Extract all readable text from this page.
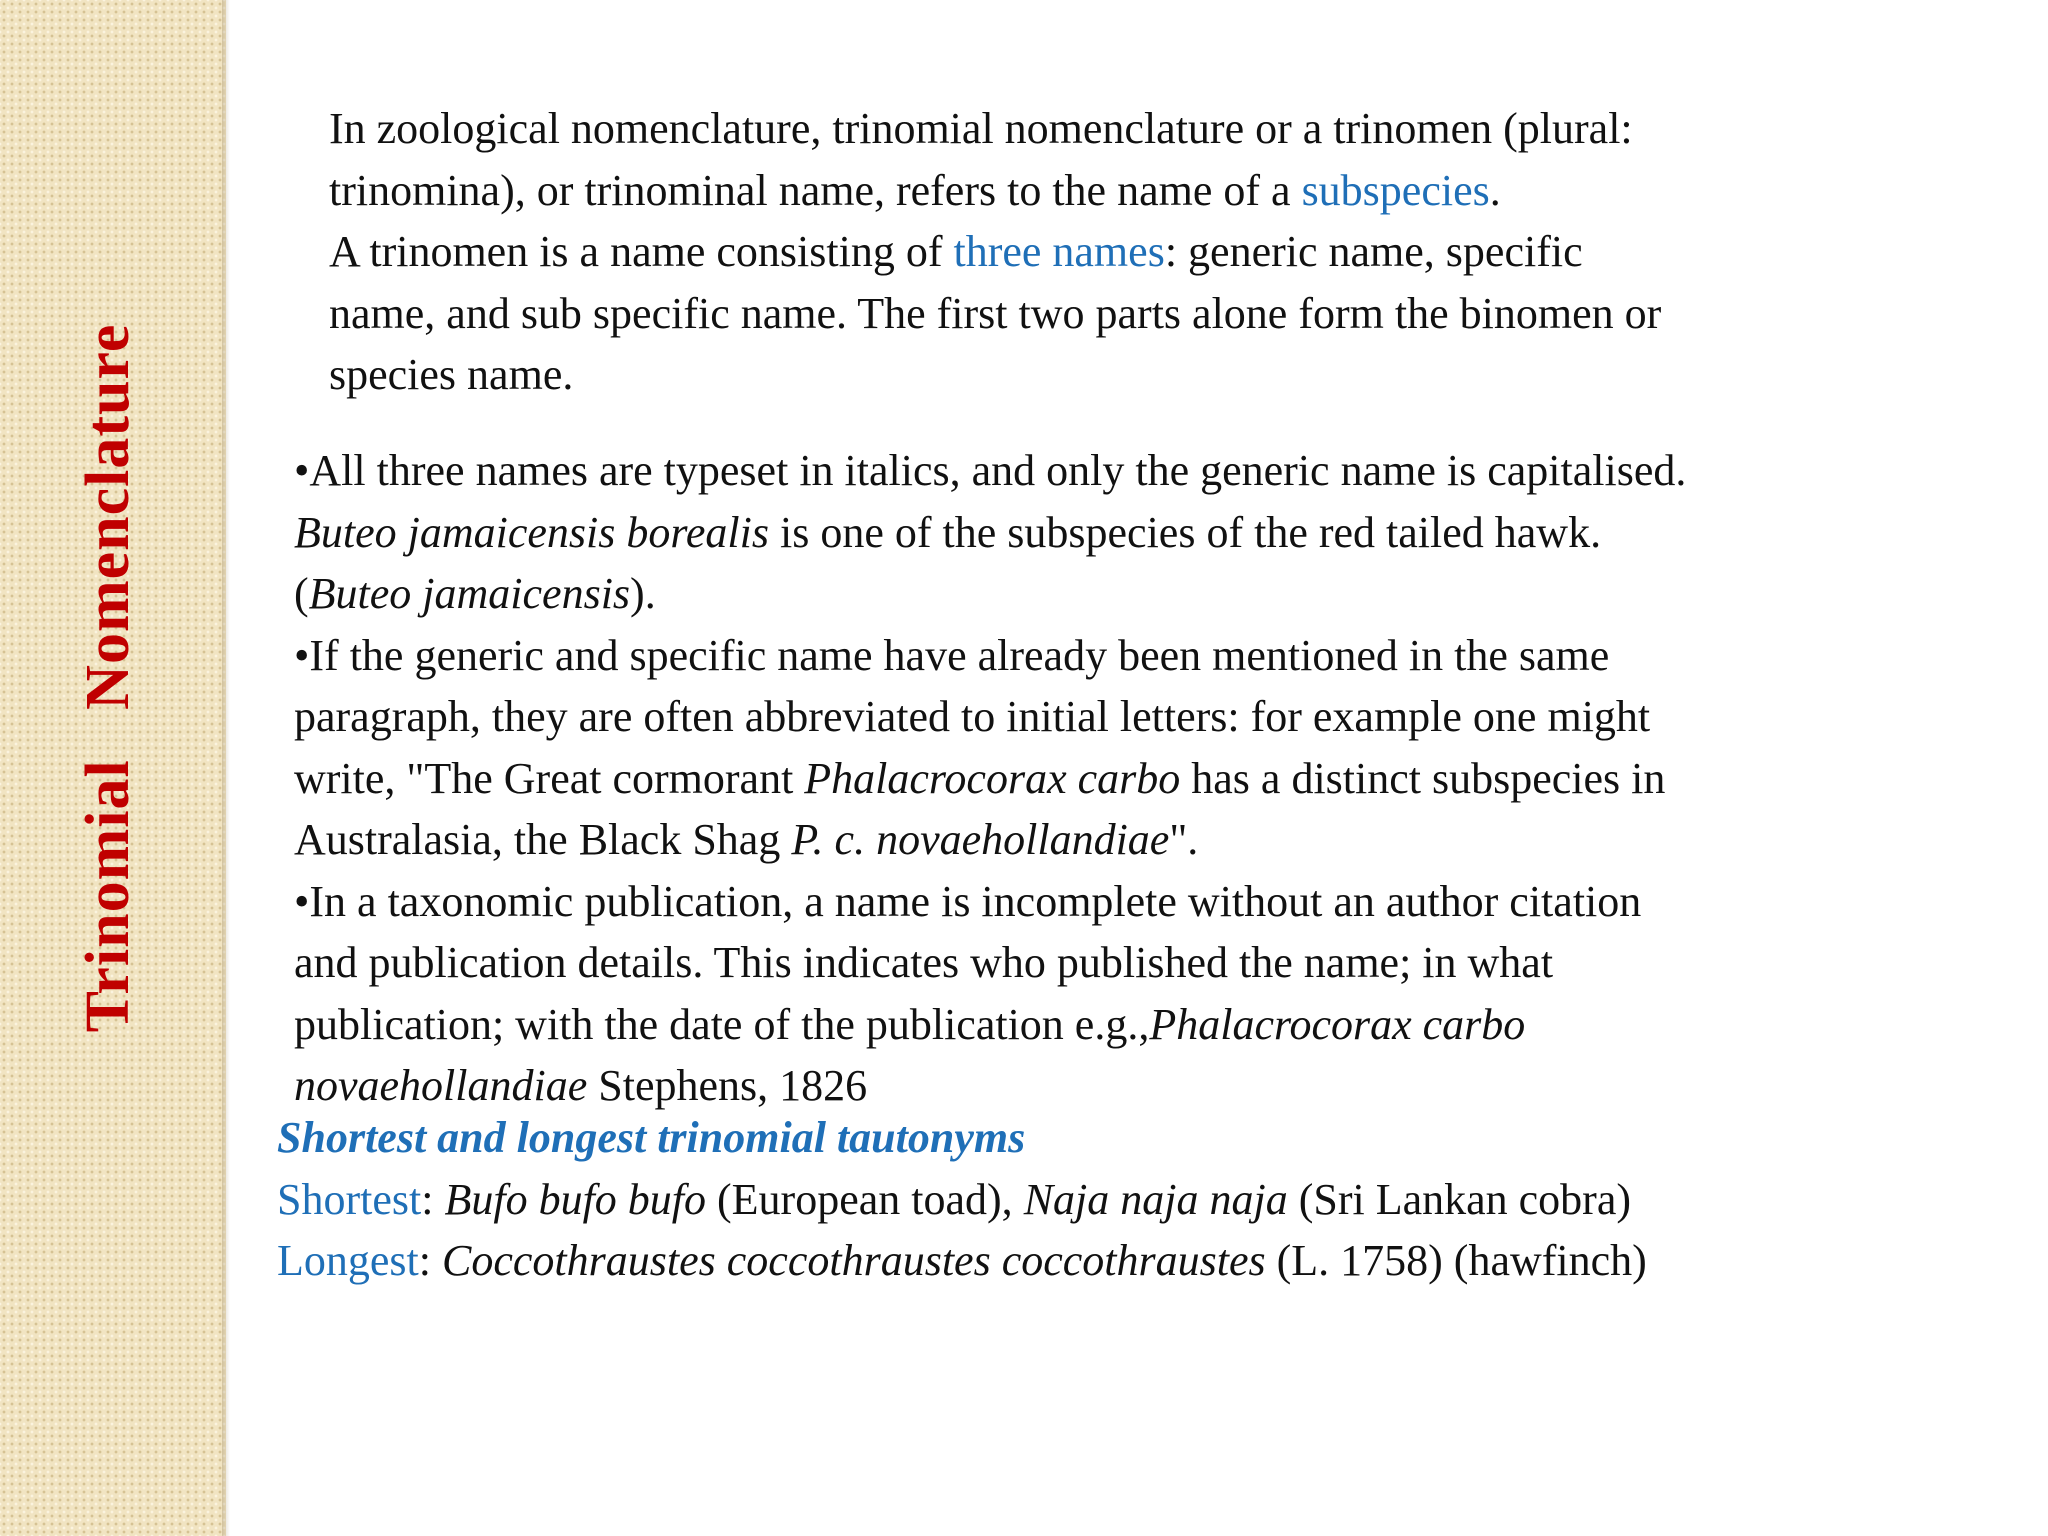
Trinomial   Nomenclature
In zoological nomenclature, trinomial nomenclature or a trinomen (plural:
trinomina), or trinominal name, refers to the name of a subspecies.
A trinomen is a name consisting of three names: generic name, specific
name, and sub specific name. The first two parts alone form the binomen or
species name.
•All three names are typeset in italics, and only the generic name is capitalised.
Buteo jamaicensis borealis is one of the subspecies of the red tailed hawk.
(Buteo jamaicensis).
•If the generic and specific name have already been mentioned in the same
paragraph, they are often abbreviated to initial letters: for example one might
write, "The Great cormorant Phalacrocorax carbo has a distinct subspecies in
Australasia, the Black Shag P. c. novaehollandiae".
•In a taxonomic publication, a name is incomplete without an author citation
and publication details. This indicates who published the name; in what
publication; with the date of the publication e.g.,Phalacrocorax carbo
novaehollandiae Stephens, 1826
Shortest and longest trinomial tautonyms
Shortest: Bufo bufo bufo (European toad), Naja naja naja (Sri Lankan cobra)
Longest: Coccothraustes coccothraustes coccothraustes (L. 1758) (hawfinch)
